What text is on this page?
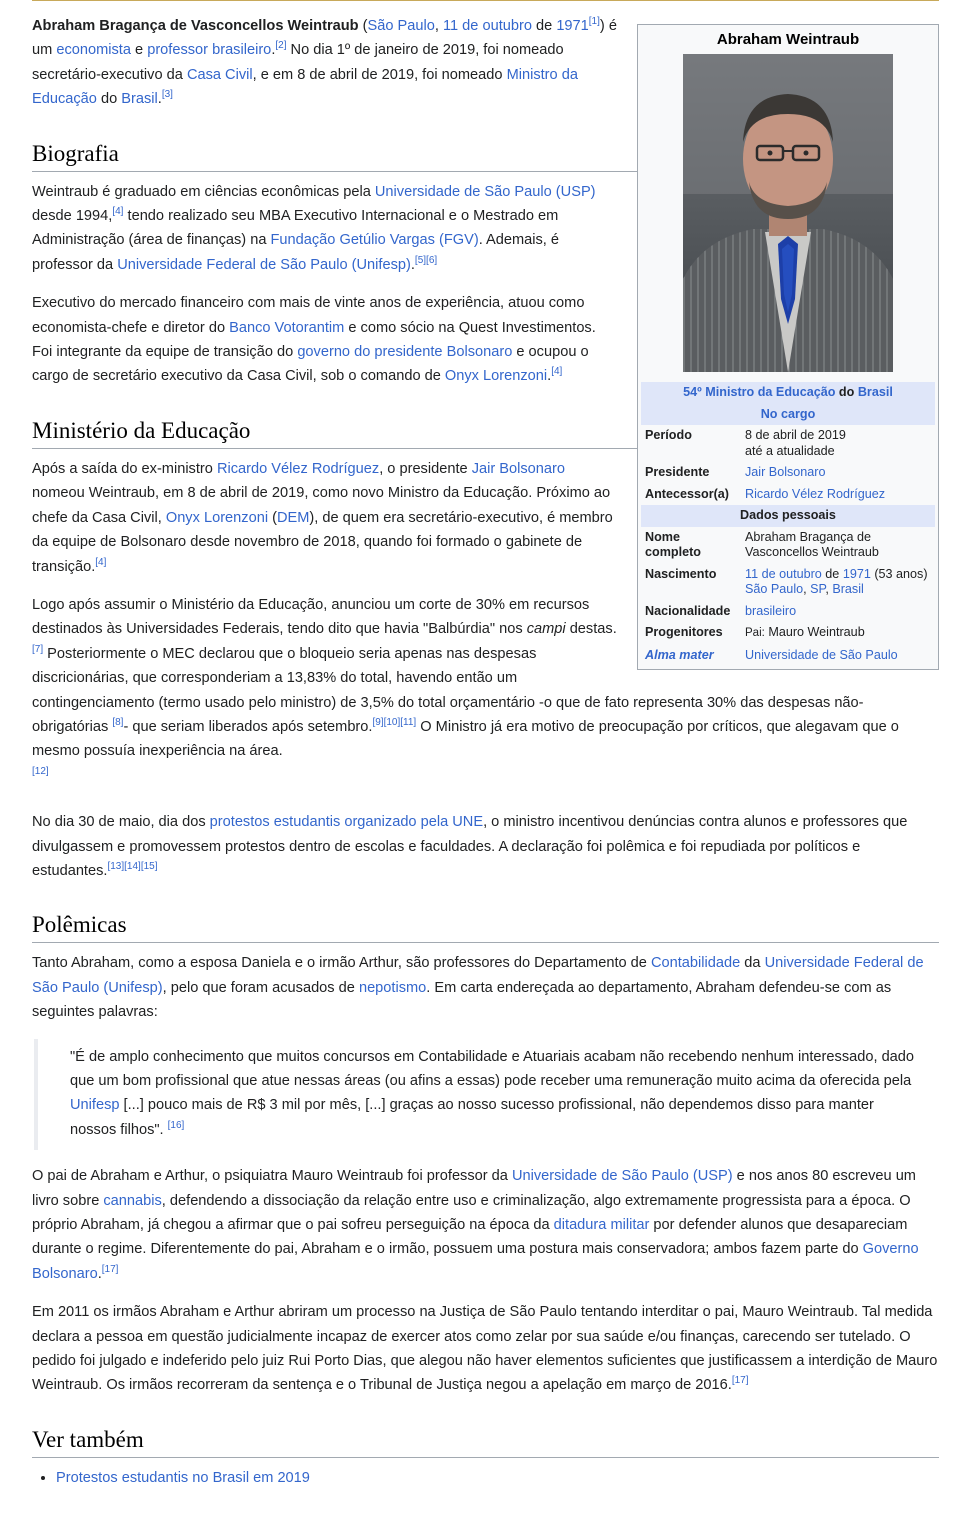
Abraham Weintraub	

54º Ministro da Educação do Brasil	
No cargo	
Período	8 de abril de 2019
até a atualidade
Presidente	Jair Bolsonaro
Antecessor(a)	Ricardo Vélez Rodríguez
Dados pessoais	
Nome completo	Abraham Bragança de Vasconcellos Weintraub
Nascimento	11 de outubro de 1971 (53 anos)
São Paulo, SP, Brasil
Nacionalidade	brasileiro
Progenitores	Pai: Mauro Weintraub
Alma mater	Universidade de São Paulo

Abraham Bragança de Vasconcellos Weintraub (São Paulo, 11 de outubro de 1971[1]) é um economista e professor brasileiro.[2] No dia 1º de janeiro de 2019, foi nomeado secretário-executivo da Casa Civil, e em 8 de abril de 2019, foi nomeado Ministro da Educação do Brasil.[3]

Biografia

Weintraub é graduado em ciências econômicas pela Universidade de São Paulo (USP) desde 1994,[4] tendo realizado seu MBA Executivo Internacional e o Mestrado em Administração (área de finanças) na Fundação Getúlio Vargas (FGV). Ademais, é professor da Universidade Federal de São Paulo (Unifesp).[5][6]

Executivo do mercado financeiro com mais de vinte anos de experiência, atuou como economista-chefe e diretor do Banco Votorantim e como sócio na Quest Investimentos. Foi integrante da equipe de transição do governo do presidente Bolsonaro e ocupou o cargo de secretário executivo da Casa Civil, sob o comando de Onyx Lorenzoni.[4]

Ministério da Educação

Após a saída do ex-ministro Ricardo Vélez Rodríguez, o presidente Jair Bolsonaro nomeou Weintraub, em 8 de abril de 2019, como novo Ministro da Educação. Próximo ao chefe da Casa Civil, Onyx Lorenzoni (DEM), de quem era secretário-executivo, é membro da equipe de Bolsonaro desde novembro de 2018, quando foi formado o gabinete de transição.[4]

Logo após assumir o Ministério da Educação, anunciou um corte de 30% em recursos destinados às Universidades Federais, tendo dito que havia "Balbúrdia" nos campi destas.[7] Posteriormente o MEC declarou que o bloqueio seria apenas nas despesas discricionárias, que corresponderiam a 13,83% do total, havendo então um contingenciamento (termo usado pelo ministro) de 3,5% do total orçamentário -o que de fato representa 30% das despesas não-obrigatórias [8]- que seriam liberados após setembro.[9][10][11] O Ministro já era motivo de preocupação por críticos, que alegavam que o mesmo possuía inexperiência na área.
[12]

No dia 30 de maio, dia dos protestos estudantis organizado pela UNE, o ministro incentivou denúncias contra alunos e professores que divulgassem e promovessem protestos dentro de escolas e faculdades. A declaração foi polêmica e foi repudiada por políticos e estudantes.[13][14][15]

Polêmicas

Tanto Abraham, como a esposa Daniela e o irmão Arthur, são professores do Departamento de Contabilidade da Universidade Federal de São Paulo (Unifesp), pelo que foram acusados de nepotismo. Em carta endereçada ao departamento, Abraham defendeu-se com as seguintes palavras:

"É de amplo conhecimento que muitos concursos em Contabilidade e Atuariais acabam não recebendo nenhum interessado, dado que um bom profissional que atue nessas áreas (ou afins a essas) pode receber uma remuneração muito acima da oferecida pela Unifesp [...] pouco mais de R$ 3 mil por mês, [...] graças ao nosso sucesso profissional, não dependemos disso para manter nossos filhos". [16]

O pai de Abraham e Arthur, o psiquiatra Mauro Weintraub foi professor da Universidade de São Paulo (USP) e nos anos 80 escreveu um livro sobre cannabis, defendendo a dissociação da relação entre uso e criminalização, algo extremamente progressista para a época. O próprio Abraham, já chegou a afirmar que o pai sofreu perseguição na época da ditadura militar por defender alunos que desapareciam durante o regime. Diferentemente do pai, Abraham e o irmão, possuem uma postura mais conservadora; ambos fazem parte do Governo Bolsonaro.[17]

Em 2011 os irmãos Abraham e Arthur abriram um processo na Justiça de São Paulo tentando interditar o pai, Mauro Weintraub. Tal medida declara a pessoa em questão judicialmente incapaz de exercer atos como zelar por sua saúde e/ou finanças, carecendo ser tutelado. O pedido foi julgado e indeferido pelo juiz Rui Porto Dias, que alegou não haver elementos suficientes que justificassem a interdição de Mauro Weintraub. Os irmãos recorreram da sentença e o Tribunal de Justiça negou a apelação em março de 2016.[17]

Ver também
• Protestos estudantis no Brasil em 2019
